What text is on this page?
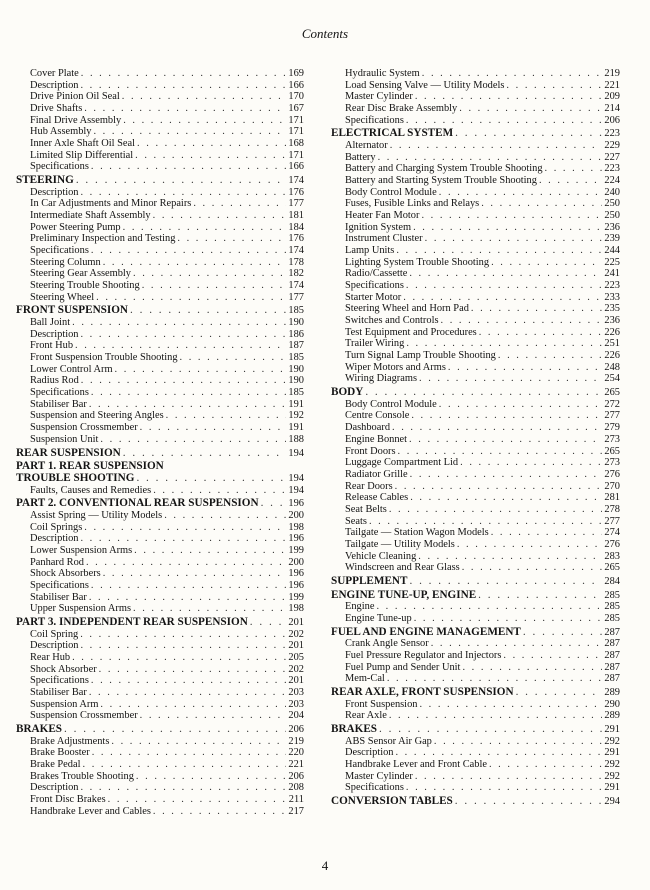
Contents
Cover Plate . . .	169
Description . . .	166
Drive Pinion Oil Seal . . .	170
Drive Shafts . . .	167
Final Drive Assembly . . .	171
Hub Assembly . . .	171
Inner Axle Shaft Oil Seal . . .	168
Limited Slip Differential . . .	171
Specifications . . .	166
STEERING . . .	174
Description . . .	176
In Car Adjustments and Minor Repairs . . .	177
Intermediate Shaft Assembly . . .	181
Power Steering Pump . . .	184
Preliminary Inspection and Testing . . .	176
Specifications . . .	174
Steering Column . . .	178
Steering Gear Assembly . . .	182
Steering Trouble Shooting . . .	174
Steering Wheel . . .	177
FRONT SUSPENSION . . .	185
Ball Joint . . .	190
Description . . .	186
Front Hub . . .	187
Front Suspension Trouble Shooting . . .	185
Lower Control Arm . . .	190
Radius Rod . . .	190
Specifications . . .	185
Stabiliser Bar . . .	191
Suspension and Steering Angles . . .	192
Suspension Crossmember . . .	191
Suspension Unit . . .	188
REAR SUSPENSION . . .	194
PART 1. REAR SUSPENSION
TROUBLE SHOOTING . . .	194
Faults, Causes and Remedies . . .	194
PART 2. CONVENTIONAL REAR SUSPENSION . . .	196
Assist Spring — Utility Models . . .	200
Coil Springs . . .	198
Description . . .	196
Lower Suspension Arms . . .	199
Panhard Rod . . .	200
Shock Absorbers . . .	196
Specifications . . .	196
Stabiliser Bar . . .	199
Upper Suspension Arms . . .	198
PART 3. INDEPENDENT REAR SUSPENSION . . .	201
Coil Spring . . .	202
Description . . .	201
Rear Hub . . .	205
Shock Absorber . . .	202
Specifications . . .	201
Stabiliser Bar . . .	203
Suspension Arm . . .	203
Suspension Crossmember . . .	204
BRAKES . . .	206
Brake Adjustments . . .	219
Brake Booster . . .	220
Brake Pedal . . .	221
Brakes Trouble Shooting . . .	206
Description . . .	208
Front Disc Brakes . . .	211
Handbrake Lever and Cables . . .	217
Hydraulic System . . .	219
Load Sensing Valve — Utility Models . . .	221
Master Cylinder . . .	209
Rear Disc Brake Assembly . . .	214
Specifications . . .	206
ELECTRICAL SYSTEM . . .	223
Alternator . . .	229
Battery . . .	227
Battery and Charging System Trouble Shooting . . .	223
Battery and Starting System Trouble Shooting . . .	224
Body Control Module . . .	240
Fuses, Fusible Links and Relays . . .	250
Heater Fan Motor . . .	250
Ignition System . . .	236
Instrument Cluster . . .	239
Lamp Units . . .	244
Lighting System Trouble Shooting . . .	225
Radio/Cassette . . .	241
Specifications . . .	223
Starter Motor . . .	233
Steering Wheel and Horn Pad . . .	235
Switches and Controls . . .	236
Test Equipment and Procedures . . .	226
Trailer Wiring . . .	251
Turn Signal Lamp Trouble Shooting . . .	226
Wiper Motors and Arms . . .	248
Wiring Diagrams . . .	254
BODY . . .	265
Body Control Module . . .	272
Centre Console . . .	277
Dashboard . . .	279
Engine Bonnet . . .	273
Front Doors . . .	265
Luggage Compartment Lid . . .	273
Radiator Grille . . .	276
Rear Doors . . .	270
Release Cables . . .	281
Seat Belts . . .	278
Seats . . .	277
Tailgate — Station Wagon Models . . .	274
Tailgate — Utility Models . . .	276
Vehicle Cleaning . . .	283
Windscreen and Rear Glass . . .	265
SUPPLEMENT . . .	284
ENGINE TUNE-UP, ENGINE . . .	285
Engine . . .	285
Engine Tune-up . . .	285
FUEL AND ENGINE MANAGEMENT . . .	287
Crank Angle Sensor . . .	287
Fuel Pressure Regulator and Injectors . . .	287
Fuel Pump and Sender Unit . . .	287
Mem-Cal . . .	287
REAR AXLE, FRONT SUSPENSION . . .	289
Front Suspension . . .	290
Rear Axle . . .	289
BRAKES . . .	291
ABS Sensor Air Gap . . .	292
Description . . .	291
Handbrake Lever and Front Cable . . .	292
Master Cylinder . . .	292
Specifications . . .	291
CONVERSION TABLES . . .	294
4
